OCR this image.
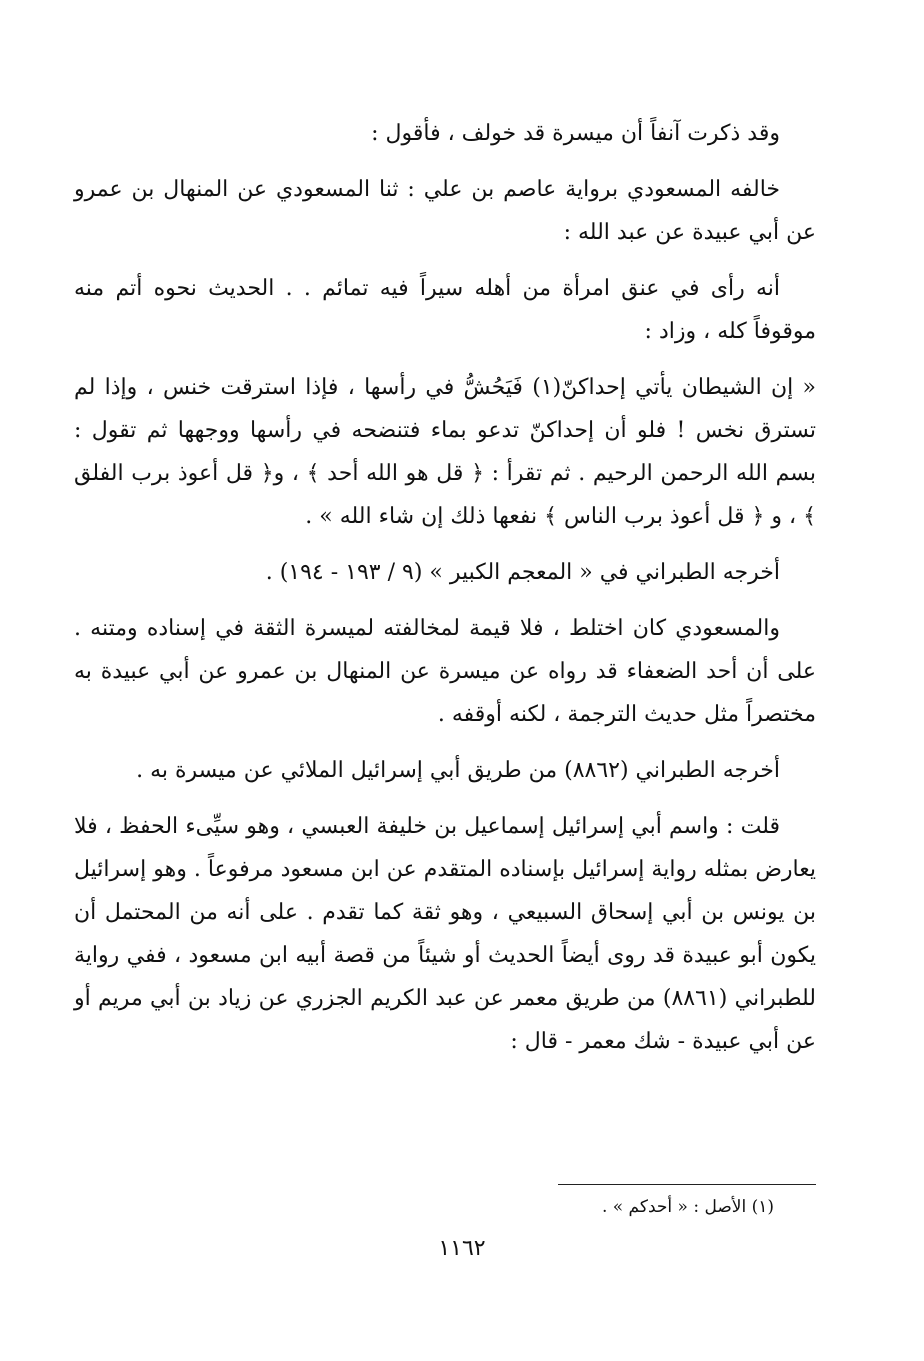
وقد ذكرت آنفاً أن ميسرة قد خولف ، فأقول :

خالفه المسعودي برواية عاصم بن علي : ثنا المسعودي عن المنهال بن عمرو عن أبي عبيدة عن عبد الله :

أنه رأى في عنق امرأة من أهله سيراً فيه تمائم . . الحديث نحوه أتم منه موقوفاً كله ، وزاد :

« إن الشيطان يأتي إحداكنّ(١) فَيَحُشُّ في رأسها ، فإذا استرقت خنس ، وإذا لم تسترق نخس ! فلو أن إحداكنّ تدعو بماء فتنضحه في رأسها ووجهها ثم تقول : بسم الله الرحمن الرحيم . ثم تقرأ : ﴿ قل هو الله أحد ﴾ ، و﴿ قل أعوذ برب الفلق ﴾ ، و ﴿ قل أعوذ برب الناس ﴾ نفعها ذلك إن شاء الله » .

أخرجه الطبراني في « المعجم الكبير » (٩ / ١٩٣ - ١٩٤) .

والمسعودي كان اختلط ، فلا قيمة لمخالفته لميسرة الثقة في إسناده ومتنه . على أن أحد الضعفاء قد رواه عن ميسرة عن المنهال بن عمرو عن أبي عبيدة به مختصراً مثل حديث الترجمة ، لكنه أوقفه .

أخرجه الطبراني (٨٨٦٢) من طريق أبي إسرائيل الملائي عن ميسرة به .

قلت : واسم أبي إسرائيل إسماعيل بن خليفة العبسي ، وهو سيِّىء الحفظ ، فلا يعارض بمثله رواية إسرائيل بإسناده المتقدم عن ابن مسعود مرفوعاً . وهو إسرائيل بن يونس بن أبي إسحاق السبيعي ، وهو ثقة كما تقدم . على أنه من المحتمل أن يكون أبو عبيدة قد روى أيضاً الحديث أو شيئاً من قصة أبيه ابن مسعود ، ففي رواية للطبراني (٨٨٦١) من طريق معمر عن عبد الكريم الجزري عن زياد بن أبي مريم أو عن أبي عبيدة - شك معمر - قال :

(١) الأصل : « أحدكم » .
١١٦٢
